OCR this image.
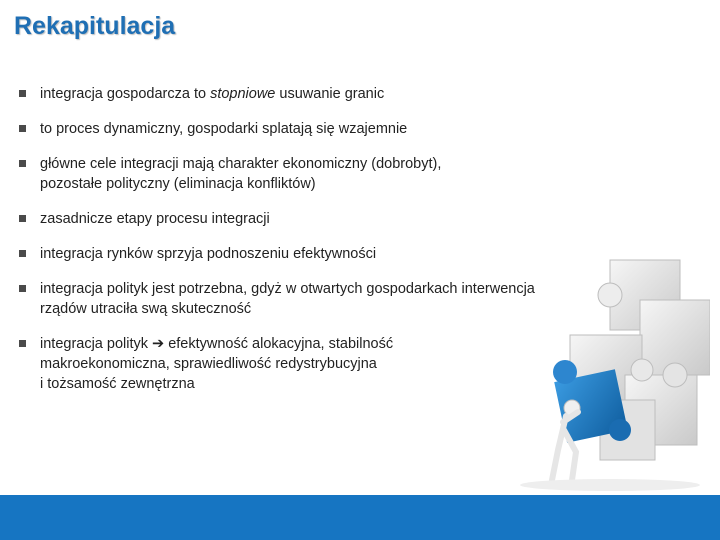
Rekapitulacja
integracja gospodarcza to stopniowe usuwanie granic
to proces dynamiczny, gospodarki splatają się wzajemnie
główne cele integracji mają charakter ekonomiczny (dobrobyt),
pozostałe polityczny (eliminacja konfliktów)
zasadnicze etapy procesu integracji
integracja rynków sprzyja podnoszeniu efektywności
integracja polityk jest potrzebna, gdyż w otwartych gospodarkach interwencja
rządów utraciła swą skuteczność
integracja polityk ➔ efektywność alokacyjna, stabilność
makroekonomiczna, sprawiedliwość redystrybucyjna
i tożsamość zewnętrzna
